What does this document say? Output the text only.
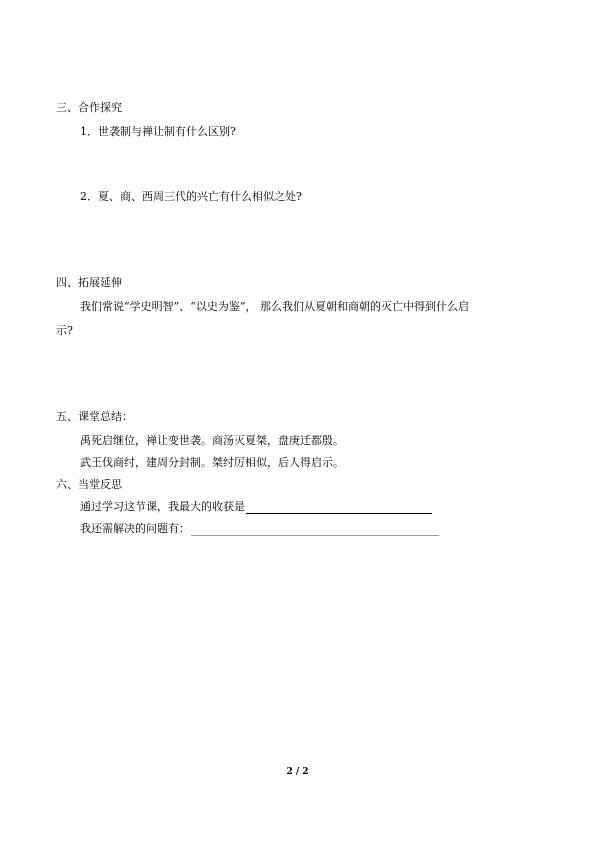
三、合作探究
1．世袭制与禅让制有什么区别?
2．夏、商、西周三代的兴亡有什么相似之处?
四、拓展延伸
我们常说“学史明智”、“以史为鉴”， 那么我们从夏朝和商朝的灭亡中得到什么启
示?
五、课堂总结：
禹死启继位，禅让变世袭。商汤灭夏桀，盘庚迁都殷。
武王伐商纣，建周分封制。桀纣厉相似，后人得启示。
六、当堂反思
通过学习这节课，我最大的收获是
我还需解决的问题有：
2 / 2
